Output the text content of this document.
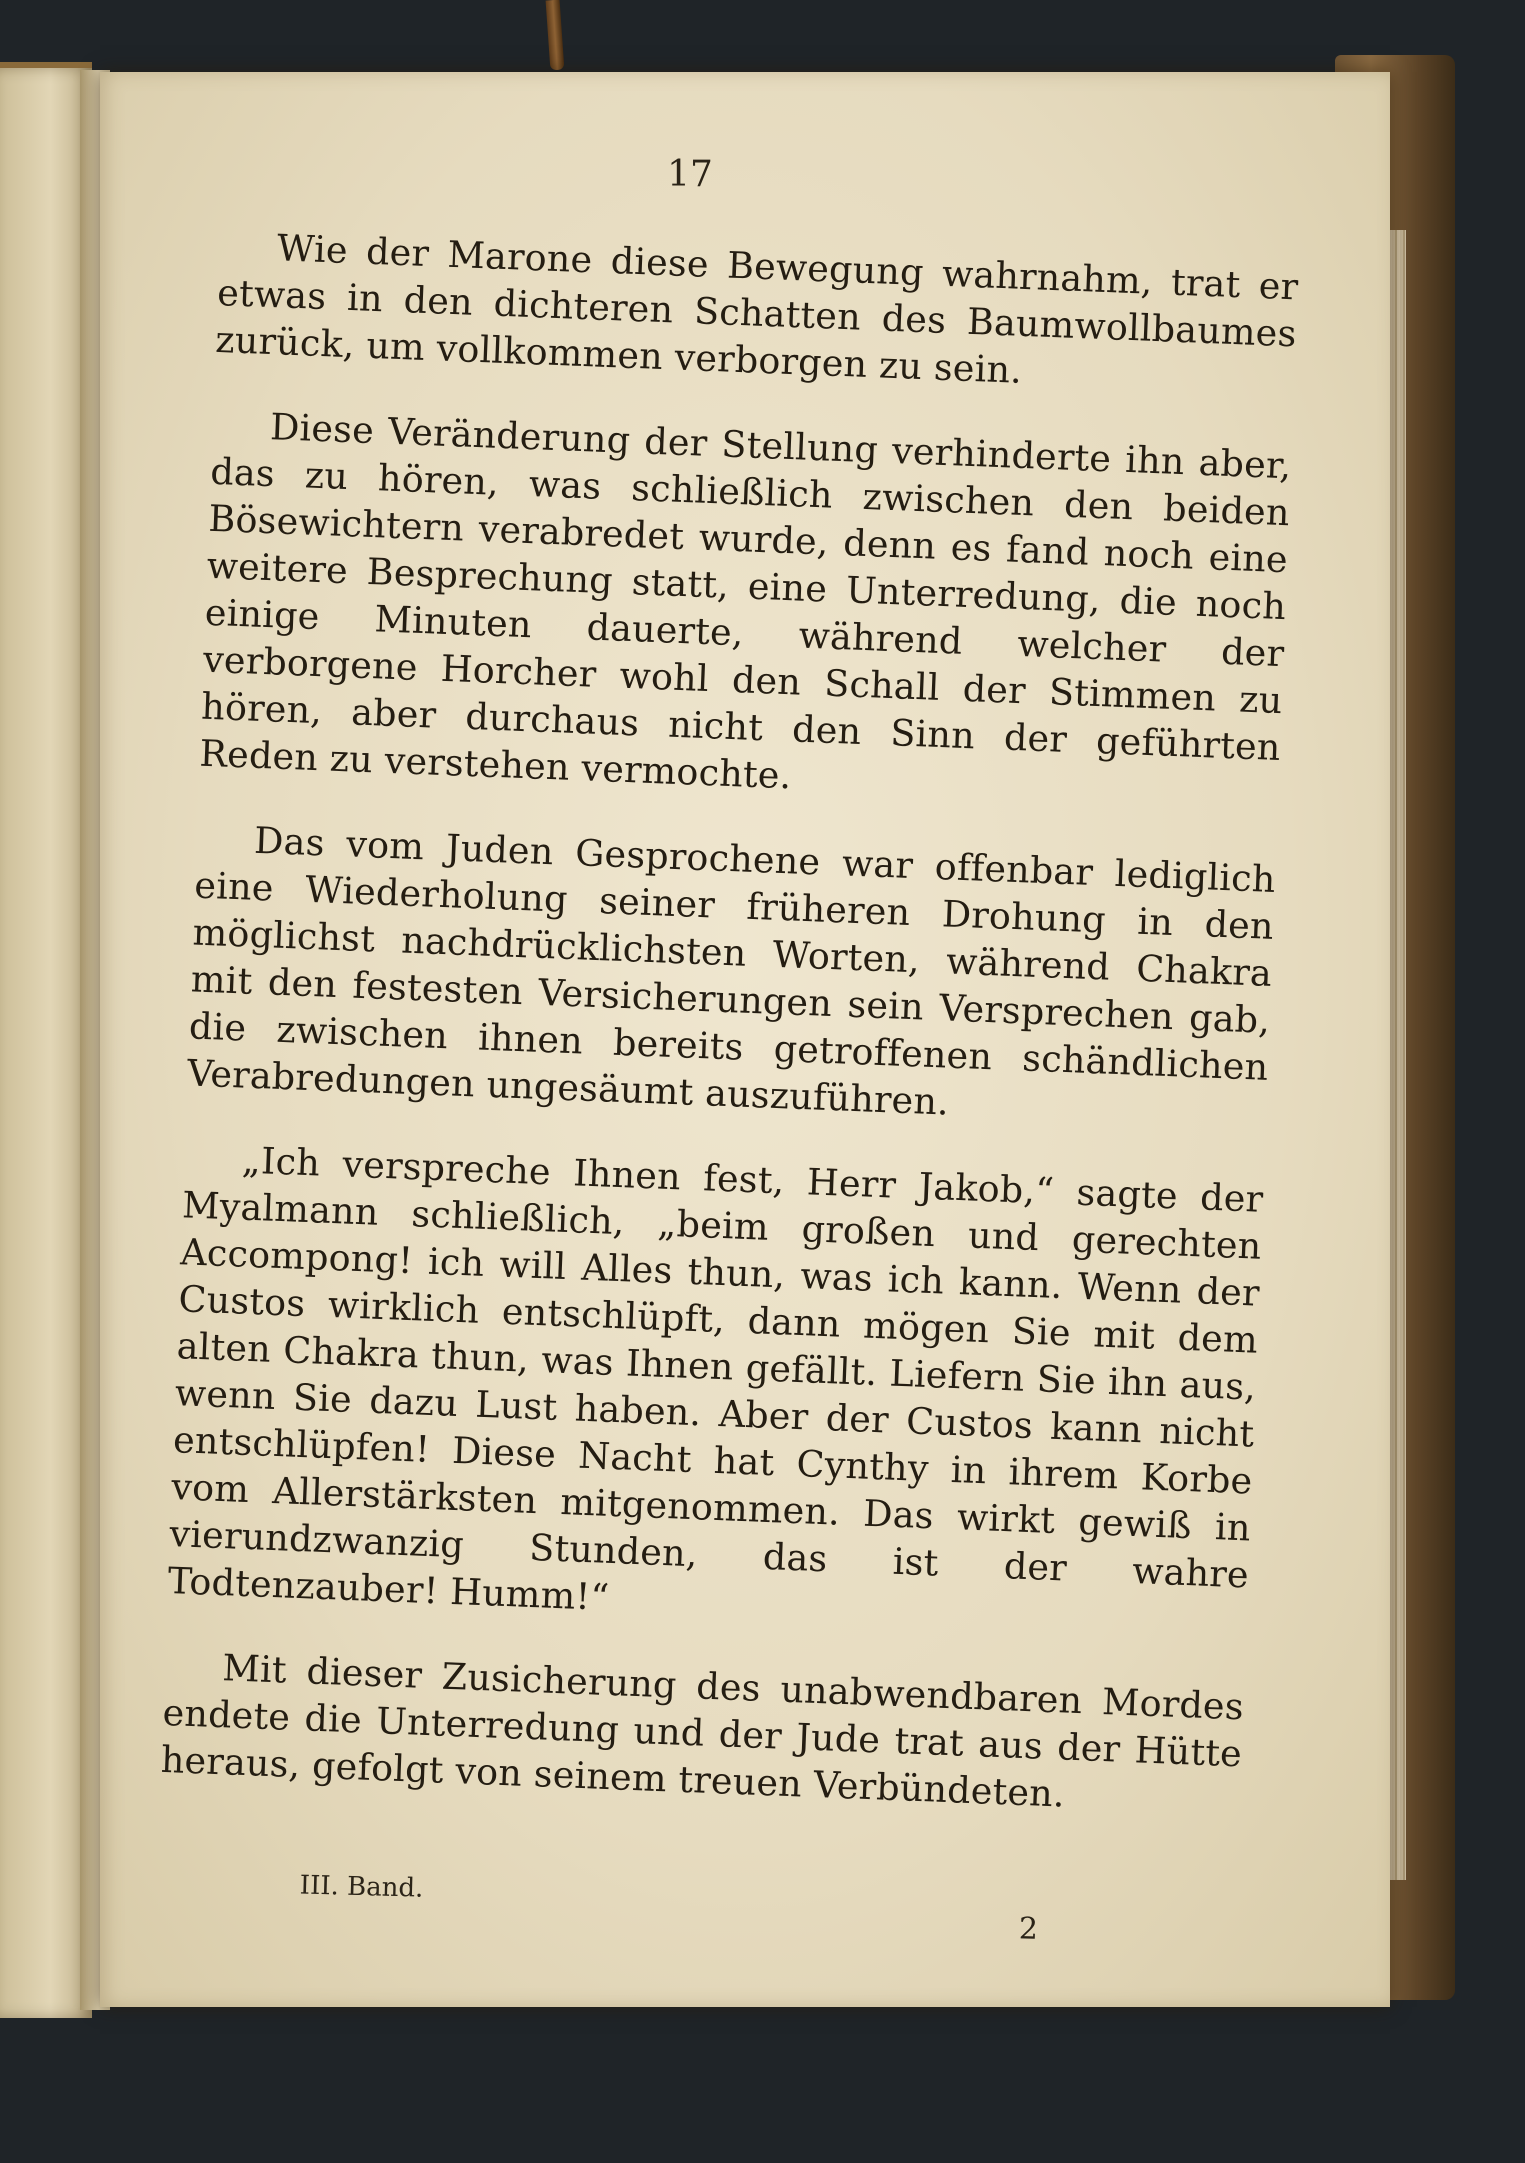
17

Wie der Marone diese Bewegung wahrnahm, trat er etwas in den dichteren Schatten des Baumwollbaumes zurück, um vollkommen verborgen zu sein.

Diese Veränderung der Stellung verhinderte ihn aber, das zu hören, was schließlich zwischen den beiden Bösewichtern verabredet wurde, denn es fand noch eine weitere Besprechung statt, eine Unterredung, die noch einige Minuten dauerte, während welcher der verborgene Horcher wohl den Schall der Stimmen zu hören, aber durchaus nicht den Sinn der geführten Reden zu verstehen vermochte.

Das vom Juden Gesprochene war offenbar lediglich eine Wiederholung seiner früheren Drohung in den möglichst nachdrücklichsten Worten, während Chakra mit den festesten Versicherungen sein Versprechen gab, die zwischen ihnen bereits getroffenen schändlichen Verabredungen ungesäumt auszuführen.

„Ich verspreche Ihnen fest, Herr Jakob,“ sagte der Myalmann schließlich, „beim großen und gerechten Accompong! ich will Alles thun, was ich kann. Wenn der Custos wirklich entschlüpft, dann mögen Sie mit dem alten Chakra thun, was Ihnen gefällt. Liefern Sie ihn aus, wenn Sie dazu Lust haben. Aber der Custos kann nicht entschlüpfen! Diese Nacht hat Cynthy in ihrem Korbe vom Allerstärksten mitgenommen. Das wirkt gewiß in vierundzwanzig Stunden, das ist der wahre Todtenzauber! Humm!“

Mit dieser Zusicherung des unabwendbaren Mordes endete die Unterredung und der Jude trat aus der Hütte heraus, gefolgt von seinem treuen Verbündeten.

III. Band.
2
